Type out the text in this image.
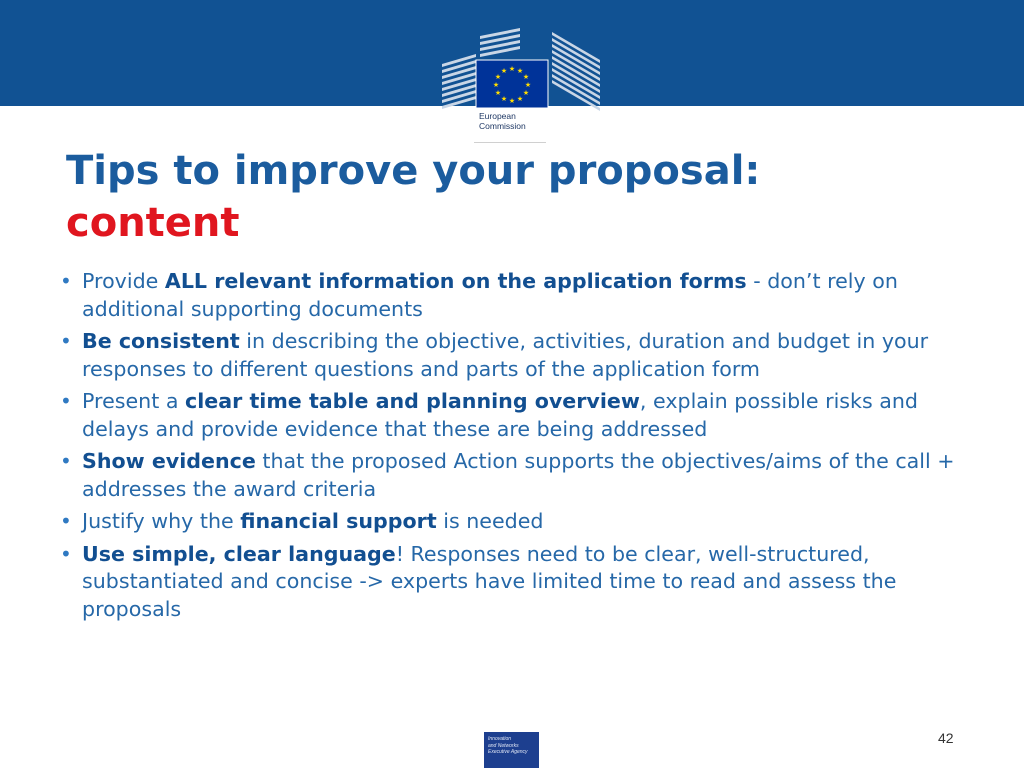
★ ★
★
★
★
★
★
★
★
★
★
★
European
Commission
Tips to improve your proposal:
content
• Provide ALL relevant information on the application forms - don’t rely on additional supporting documents
• Be consistent in describing the objective, activities, duration and budget in your responses to different questions and parts of the application form
• Present a clear time table and planning overview, explain possible risks and delays and provide evidence that these are being addressed
• Show evidence that the proposed Action supports the objectives/aims of the call + addresses the award criteria
• Justify why the financial support is needed
• Use simple, clear language! Responses need to be clear, well-structured, substantiated and concise -> experts have limited time to read and assess the proposals
Innovation
and Networks
Executive Agency
42
